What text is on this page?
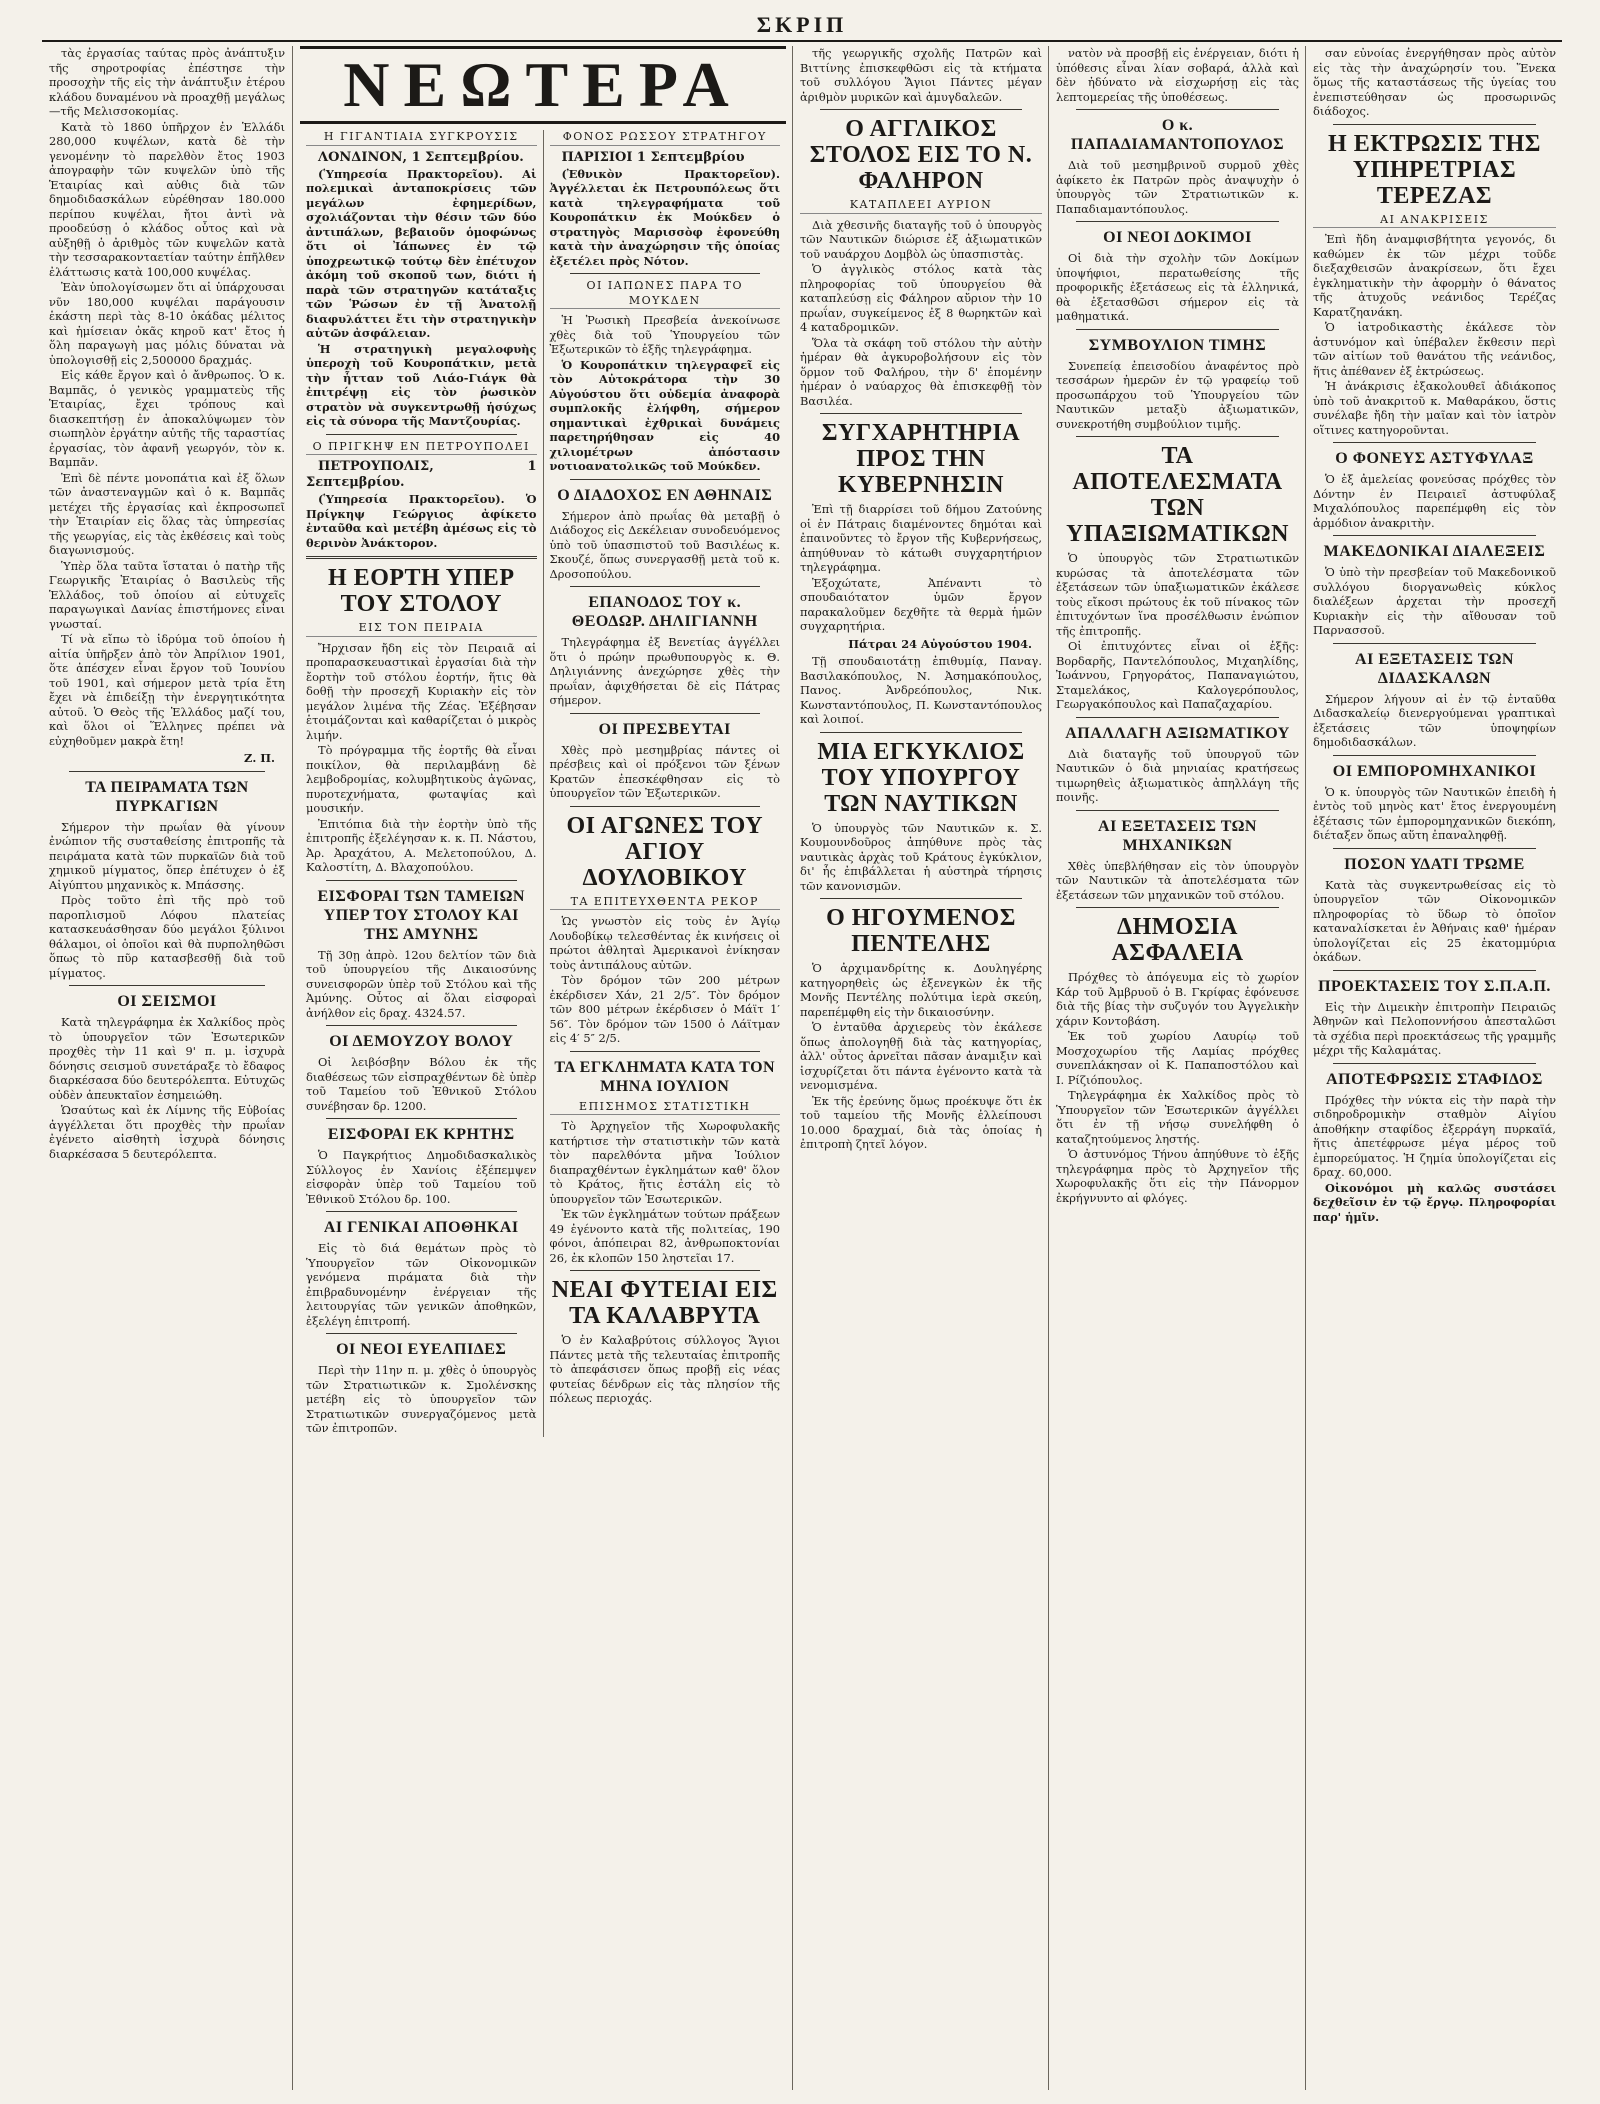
ΣΚΡΙΠ

τὰς ἐργασίας ταύτας πρὸς ἀνάπτυξιν τῆς σηροτροφίας ἐπέστησε τὴν προσοχὴν τῆς εἰς τὴν ἀνάπτυξιν ἑτέρου κλάδου δυναμένου νὰ προαχθῇ μεγάλως—τῆς Μελισσοκομίας.

Κατὰ τὸ 1860 ὑπῆρχον ἐν Ἑλλάδι 280,000 κυψέλων, κατὰ δὲ τὴν γενομένην τὸ παρελθὸν ἔτος 1903 ἀπογραφὴν τῶν κυψελῶν ὑπὸ τῆς Ἑταιρίας καὶ αὐθις διὰ τῶν δημοδιδασκάλων εὑρέθησαν 180.000 περίπου κυψέλαι, ἤτοι ἀντὶ νὰ προοδεύσῃ ὁ κλάδος οὗτος καὶ νὰ αὐξηθῇ ὁ ἀριθμὸς τῶν κυψελῶν κατὰ τὴν τεσσαρακονταετίαν ταύτην ἐπῆλθεν ἐλάττωσις κατὰ 100,000 κυψέλας.

Ἐὰν ὑπολογίσωμεν ὅτι αἱ ὑπάρχουσαι νῦν 180,000 κυψέλαι παράγουσιν ἑκάστη περὶ τὰς 8-10 ὀκάδας μέλιτος καὶ ἡμίσειαν ὀκᾶς κηροῦ κατ' ἔτος ἡ ὅλη παραγωγὴ μας μόλις δύναται νὰ ὑπολογισθῇ εἰς 2,500000 δραχμάς.

Εἰς κάθε ἔργον καὶ ὁ ἄνθρωπος. Ὁ κ. Βαμπᾶς, ὁ γενικὸς γραμματεὺς τῆς Ἑταιρίας, ἔχει τρόπους καὶ διασκεπτήσῃ ἐν ἀποκαλύψωμεν τὸν σιωπηλὸν ἐργάτην αὐτῆς τῆς ταραστίας ἐργασίας, τὸν ἀφανῆ γεωργόν, τὸν κ. Βαμπᾶν.

Ἐπὶ δὲ πέντε μονοπάτια καὶ ἐξ ὅλων τῶν ἀναστεναγμῶν καὶ ὁ κ. Βαμπᾶς μετέχει τῆς ἐργασίας καὶ ἐκπροσωπεῖ τὴν Ἑταιρίαν εἰς ὅλας τὰς ὑπηρεσίας τῆς γεωργίας, εἰς τὰς ἐκθέσεις καὶ τοὺς διαγωνισμούς.

Ὑπὲρ ὅλα ταῦτα ἵσταται ὁ πατὴρ τῆς Γεωργικῆς Ἑταιρίας ὁ Βασιλεὺς τῆς Ἑλλάδος, τοῦ ὁποίου αἱ εὐτυχεῖς παραγωγικαὶ Δανίας ἐπιστήμονες εἶναι γνωσταί.

Τί νὰ εἴπω τὸ ἰδρύμα τοῦ ὁποίου ἡ αἰτία ὑπῆρξεν ἀπὸ τὸν Ἀπρίλιον 1901, ὅτε ἀπέσχεν εἶναι ἔργον τοῦ Ἰουνίου τοῦ 1901, καὶ σήμερον μετὰ τρία ἔτη ἔχει νὰ ἐπιδείξῃ τὴν ἐνεργητικότητα αὐτοῦ. Ὁ Θεὸς τῆς Ἑλλάδος μαζί του, καὶ ὅλοι οἱ Ἕλληνες πρέπει νὰ εὐχηθοῦμεν μακρὰ ἔτη!

Ζ. Π.
ΤΑ ΠΕΙΡΑΜΑΤΑ ΤΩΝ ΠΥΡΚΑΓΙΩΝ

Σήμερον τὴν πρωΐαν θὰ γίνουν ἐνώπιον τῆς συσταθείσης ἐπιτροπῆς τὰ πειράματα κατὰ τῶν πυρκαϊῶν διὰ τοῦ χημικοῦ μίγματος, ὅπερ ἐπέτυχεν ὁ ἐξ Αἰγύπτου μηχανικὸς κ. Μπάσσης.

Πρὸς τοῦτο ἐπὶ τῆς πρὸ τοῦ παροπλισμοῦ Λόφου πλατείας κατασκευάσθησαν δύο μεγάλοι ξύλινοι θάλαμοι, οἱ ὁποῖοι καὶ θὰ πυρποληθῶσι ὅπως τὸ πῦρ κατασβεσθῇ διὰ τοῦ μίγματος.

ΟΙ ΣΕΙΣΜΟΙ

Κατὰ τηλεγράφημα ἐκ Χαλκίδος πρὸς τὸ ὑπουργεῖον τῶν Ἐσωτερικῶν προχθὲς τὴν 11 καὶ 9' π. μ. ἰσχυρὰ δόνησις σεισμοῦ συνετάραξε τὸ ἔδαφος διαρκέσασα δύο δευτερόλεπτα. Εὐτυχῶς οὐδὲν ἀπευκταῖον ἐσημειώθη.

Ὡσαύτως καὶ ἐκ Λίμνης τῆς Εὐβοίας ἀγγέλλεται ὅτι προχθὲς τὴν πρωΐαν ἐγένετο αἰσθητὴ ἰσχυρὰ δόνησις διαρκέσασα 5 δευτερόλεπτα.

ΝΕΩΤΕΡΑ
Η ΓΙΓΑΝΤΙΑΙΑ ΣΥΓΚΡΟΥΣΙΣ

ΛΟΝΔΙΝΟΝ, 1 Σεπτεμβρίου.

(Ὑπηρεσία Πρακτορεῖου). Αἱ πολεμικαὶ ἀνταποκρίσεις τῶν μεγάλων ἐφημερίδων, σχολιάζονται τὴν θέσιν τῶν δύο ἀντιπάλων, βεβαιοῦν ὁμοφώνως ὅτι οἱ Ἰάπωνες ἐν τῷ ὑποχρεωτικῷ τούτῳ δὲν ἐπέτυχον ἀκόμη τοῦ σκοποῦ των, διότι ἡ παρὰ τῶν στρατηγῶν κατάταξις τῶν Ῥώσων ἐν τῇ Ἀνατολῇ διαφυλάττει ἔτι τὴν στρατηγικὴν αὐτῶν ἀσφάλειαν.

Ἡ στρατηγικὴ μεγαλοφυὴς ὑπεροχὴ τοῦ Κουροπάτκιν, μετὰ τὴν ἧτταν τοῦ Λιάο-Γιάγκ θὰ ἐπιτρέψῃ εἰς τὸν ῥωσικὸν στρατὸν νὰ συγκεντρωθῇ ἡσύχως εἰς τὰ σύνορα τῆς Μαντζουρίας.

Ο ΠΡΙΓΚΗΨ ΕΝ ΠΕΤΡΟΥΠΟΛΕΙ

ΠΕΤΡΟΥΠΟΛΙΣ, 1 Σεπτεμβρίου.

(Ὑπηρεσία Πρακτορεῖου). Ὁ Πρίγκηψ Γεώργιος ἀφίκετο ἐνταῦθα καὶ μετέβη ἀμέσως εἰς τὸ θερινὸν Ἀνάκτορον.

Η ΕΟΡΤΗ ΥΠΕΡ ΤΟΥ ΣΤΟΛΟΥ
ΕΙΣ ΤΟΝ ΠΕΙΡΑΙΑ

Ἤρχισαν ἤδη εἰς τὸν Πειραιᾶ αἱ προπαρασκευαστικαὶ ἐργασίαι διὰ τὴν ἔορτὴν τοῦ στόλου ἑορτήν, ἥτις θὰ δοθῇ τὴν προσεχῆ Κυριακὴν εἰς τὸν μεγάλον λιμένα τῆς Ζέας. Ἐξέβησαν ἑτοιμάζονται καὶ καθαρίζεται ὁ μικρὸς λιμήν.

Τὸ πρόγραμμα τῆς ἑορτῆς θὰ εἶναι ποικίλον, θὰ περιλαμβάνῃ δὲ λεμβοδρομίας, κολυμβητικοὺς ἀγῶνας, πυροτεχνήματα, φωταψίας καὶ μουσικήν.

Ἐπιτόπια διὰ τὴν ἑορτὴν ὑπὸ τῆς ἐπιτροπῆς ἐξελέγησαν κ. κ. Π. Νάστου, Ἀρ. Ἀραχάτου, Α. Μελετοπούλου, Δ. Καλοστίτη, Δ. Βλαχοπούλου.

ΕΙΣΦΟΡΑΙ ΤΩΝ ΤΑΜΕΙΩΝ ΥΠΕΡ ΤΟΥ ΣΤΟΛΟΥ ΚΑΙ ΤΗΣ ΑΜΥΝΗΣ

Τῇ 30ῃ ἀπρὸ. 12ου δελτίον τῶν διὰ τοῦ ὑπουργείου τῆς Δικαιοσύνης συνεισφορῶν ὑπὲρ τοῦ Στόλου καὶ τῆς Ἀμύνης. Οὗτος αἱ ὅλαι εἰσφοραὶ ἀνήλθον εἰς δραχ. 4324.57.

ΟΙ ΔΕΜΟΥΖΟΥ ΒΟΛΟΥ

Οἱ λειβόσβην Βόλου ἐκ τῆς διαθέσεως τῶν εἰσπραχθέντων δὲ ὑπὲρ τοῦ Ταμείου τοῦ Ἐθνικοῦ Στόλου συνέβησαν δρ. 1200.

ΕΙΣΦΟΡΑΙ ΕΚ ΚΡΗΤΗΣ

Ὁ Παγκρήτιος Δημοδιδασκαλικὸς Σύλλογος ἐν Χανίοις ἐξέπεμψεν εἰσφορὰν ὑπὲρ τοῦ Ταμείου τοῦ Ἐθνικοῦ Στόλου δρ. 100.

ΑΙ ΓΕΝΙΚΑΙ ΑΠΟΘΗΚΑΙ

Εἰς τὸ διά θεμάτων πρὸς τὸ Ὑπουργεῖον τῶν Οἰκονομικῶν γενόμενα πιράματα διὰ τὴν ἐπιβραδυνομένην ἐνέργειαν τῆς λειτουργίας τῶν γενικῶν ἀποθηκῶν, ἐξελέγη ἐπιτροπή.

ΟΙ ΝΕΟΙ ΕΥΕΛΠΙΔΕΣ

Περὶ τὴν 11ην π. μ. χθὲς ὁ ὑπουργὸς τῶν Στρατιωτικῶν κ. Σμολένσκης μετέβη εἰς τὸ ὑπουργεῖον τῶν Στρατιωτικῶν συνεργαζόμενος μετὰ τῶν ἐπιτροπῶν.

ΦΟΝΟΣ ΡΩΣΣΟΥ ΣΤΡΑΤΗΓΟΥ

ΠΑΡΙΣΙΟΙ 1 Σεπτεμβρίου

(Ἐθνικὸν Πρακτορεῖον). Ἀγγέλλεται ἐκ Πετρουπόλεως ὅτι κατὰ τηλεγραφήματα τοῦ Κουροπάτκιν ἐκ Μούκδεν ὁ στρατηγὸς Μαρισσὸφ ἐφονεύθη κατὰ τὴν ἀναχώρησιν τῆς ὁποίας ἐξετέλει πρὸς Νότον.

ΟΙ ΙΑΠΩΝΕΣ ΠΑΡΑ ΤΟ ΜΟΥΚΔΕΝ

Ἡ Ῥωσικὴ Πρεσβεία ἀνεκοίνωσε χθὲς διὰ τοῦ Ὑπουργείου τῶν Ἐξωτερικῶν τὸ ἑξῆς τηλεγράφημα.

Ὁ Κουροπάτκιν τηλεγραφεῖ εἰς τὸν Αὐτοκράτορα τὴν 30 Αὐγούστου ὅτι οὐδεμία ἀναφορὰ συμπλοκῆς ἐλήφθη, σήμερον σημαντικαὶ ἐχθρικαὶ δυνάμεις παρετηρήθησαν εἰς 40 χιλιομέτρων ἀπόστασιν νοτιοανατολικῶς τοῦ Μούκδεν.

Ο ΔΙΑΔΟΧΟΣ ΕΝ ΑΘΗΝΑΙΣ

Σήμερον ἀπὸ πρωΐας θὰ μεταβῇ ὁ Διάδοχος εἰς Δεκέλειαν συνοδευόμενος ὑπὸ τοῦ ὑπασπιστοῦ τοῦ Βασιλέως κ. Σκουζέ, ὅπως συνεργασθῇ μετὰ τοῦ κ. Δροσοπούλου.

ΕΠΑΝΟΔΟΣ ΤΟΥ κ. ΘΕΟΔΩΡ. ΔΗΛΙΓΙΑΝΝΗ

Τηλεγράφημα ἐξ Βενετίας ἀγγέλλει ὅτι ὁ πρώην πρωθυπουργὸς κ. Θ. Δηλιγιάννης ἀνεχώρησε χθὲς τὴν πρωΐαν, ἀφιχθήσεται δὲ εἰς Πάτρας σήμερον.

ΟΙ ΠΡΕΣΒΕΥΤΑΙ

Χθὲς πρὸ μεσημβρίας πάντες οἱ πρέσβεις καὶ οἱ πρόξενοι τῶν ξένων Κρατῶν ἐπεσκέφθησαν εἰς τὸ ὑπουργεῖον τῶν Ἐξωτερικῶν.

ΟΙ ΑΓΩΝΕΣ ΤΟΥ ΑΓΙΟΥ ΔΟΥΛΟΒΙΚΟΥ
ΤΑ ΕΠΙΤΕΥΧΘΕΝΤΑ ΡΕΚΟΡ

Ὡς γνωστὸν εἰς τοὺς ἐν Ἁγίῳ Λουδοβίκῳ τελεσθέντας ἐκ κινήσεις οἱ πρώτοι ἀθληταὶ Ἀμερικανοὶ ἐνίκησαν τοὺς ἀντιπάλους αὐτῶν.

Τὸν δρόμον τῶν 200 μέτρων ἐκέρδισεν Χάν, 21 2/5″. Τὸν δρόμον τῶν 800 μέτρων ἐκέρδισεν ὁ Μάϊτ 1′ 56″. Τὸν δρόμον τῶν 1500 ὁ Λάϊτμαν εἰς 4′ 5″ 2/5.

ΤΑ ΕΓΚΛΗΜΑΤΑ ΚΑΤΑ ΤΟΝ ΜΗΝΑ ΙΟΥΛΙΟΝ
ΕΠΙΣΗΜΟΣ ΣΤΑΤΙΣΤΙΚΗ

Τὸ Ἀρχηγεῖον τῆς Χωροφυλακῆς κατήρτισε τὴν στατιστικὴν τῶν κατὰ τὸν παρελθόντα μῆνα Ἰούλιον διαπραχθέντων ἐγκλημάτων καθ' ὅλον τὸ Κράτος, ἥτις ἐστάλη εἰς τὸ ὑπουργεῖον τῶν Ἐσωτερικῶν.

Ἐκ τῶν ἐγκλημάτων τούτων πράξεων 49 ἐγένοντο κατὰ τῆς πολιτείας, 190 φόνοι, ἀπόπειραι 82, ἀνθρωποκτονίαι 26, ἐκ κλοπῶν 150 ληστεῖαι 17.

ΝΕΑΙ ΦΥΤΕΙΑΙ ΕΙΣ ΤΑ ΚΑΛΑΒΡΥΤΑ

Ὁ ἐν Καλαβρύτοις σύλλογος Ἅγιοι Πάντες μετὰ τῆς τελευταίας ἐπιτροπῆς τὸ ἀπεφάσισεν ὅπως προβῇ εἰς νέας φυτείας δένδρων εἰς τὰς πλησίον τῆς πόλεως περιοχάς.

τῆς γεωργικῆς σχολῆς Πατρῶν καὶ Βιττίνης ἐπισκεφθῶσι εἰς τὰ κτήματα τοῦ συλλόγου Ἅγιοι Πάντες μέγαν ἀριθμὸν μυρικῶν καὶ ἀμυγδαλεῶν.

Ο ΑΓΓΛΙΚΟΣ ΣΤΟΛΟΣ ΕΙΣ ΤΟ Ν. ΦΑΛΗΡΟΝ
ΚΑΤΑΠΛΕΕΙ ΑΥΡΙΟΝ

Διὰ χθεσινῆς διαταγῆς τοῦ ὁ ὑπουργὸς τῶν Ναυτικῶν διώρισε ἐξ ἀξιωματικῶν τοῦ ναυάρχου Δομβὸλ ὡς ὑπασπιστὰς.

Ὁ ἀγγλικὸς στόλος κατὰ τὰς πληροφορίας τοῦ ὑπουργείου θὰ καταπλεύσῃ εἰς Φάληρον αὔριον τὴν 10 πρωΐαν, συγκείμενος ἐξ 8 θωρηκτῶν καὶ 4 καταδρομικῶν.

Ὅλα τὰ σκάφη τοῦ στόλου τὴν αὐτὴν ἡμέραν θὰ ἀγκυροβολήσουν εἰς τὸν ὅρμον τοῦ Φαλήρου, τὴν δ' ἑπομένην ἡμέραν ὁ ναύαρχος θὰ ἐπισκεφθῇ τὸν Βασιλέα.

ΣΥΓΧΑΡΗΤΗΡΙΑ ΠΡΟΣ ΤΗΝ ΚΥΒΕΡΝΗΣΙΝ

Ἐπὶ τῇ διαρρίσει τοῦ δήμου Ζατούνης οἱ ἐν Πάτραις διαμένοντες δημόται καὶ ἐπαινοῦντες τὸ ἔργον τῆς Κυβερνήσεως, ἀπηύθυναν τὸ κάτωθι συγχαρητήριον τηλεγράφημα.

Ἐξοχώτατε, Ἀπέναντι τὸ σπουδαιότατον ὑμῶν ἔργον παρακαλοῦμεν δεχθῆτε τὰ θερμὰ ἡμῶν συγχαρητήρια.

Πάτραι 24 Αὐγούστου 1904.

Τῇ σπουδαιοτάτῃ ἐπιθυμίᾳ, Παναγ. Βασιλακόπουλος, Ν. Ἀσημακόπουλος, Πανος. Ἀνδρεόπουλος, Νικ. Κωνσταντόπουλος, Π. Κωνσταντόπουλος καὶ λοιποί.

ΜΙΑ ΕΓΚΥΚΛΙΟΣ ΤΟΥ ΥΠΟΥΡΓΟΥ ΤΩΝ ΝΑΥΤΙΚΩΝ

Ὁ ὑπουργὸς τῶν Ναυτικῶν κ. Σ. Κουμουνδοῦρος ἀπηύθυνε πρὸς τὰς ναυτικὰς ἀρχὰς τοῦ Κράτους ἐγκύκλιον, δι' ἧς ἐπιβάλλεται ἡ αὐστηρὰ τήρησις τῶν κανονισμῶν.

Ο ΗΓΟΥΜΕΝΟΣ ΠΕΝΤΕΛΗΣ

Ὁ ἀρχιμανδρίτης κ. Δουληγέρης κατηγορηθεὶς ὡς ἐξενεγκὼν ἐκ τῆς Μονῆς Πεντέλης πολύτιμα ἱερὰ σκεύη, παρεπέμφθη εἰς τὴν δικαιοσύνην.

Ὁ ἐνταῦθα ἀρχιερεὺς τὸν ἐκάλεσε ὅπως ἀπολογηθῇ διὰ τὰς κατηγορίας, ἀλλ' οὗτος ἀρνεῖται πᾶσαν ἀναμιξιν καὶ ἰσχυρίζεται ὅτι πάντα ἐγένοντο κατὰ τὰ νενομισμένα.

Ἐκ τῆς ἐρεύνης ὅμως προέκυψε ὅτι ἐκ τοῦ ταμείου τῆς Μονῆς ἐλλείπουσι 10.000 δραχμαί, διὰ τὰς ὁποίας ἡ ἐπιτροπὴ ζητεῖ λόγον.

νατὸν νὰ προσβῇ εἰς ἐνέργειαν, διότι ἡ ὑπόθεσις εἶναι λίαν σοβαρά, ἀλλὰ καὶ δὲν ἠδύνατο νὰ εἰσχωρήσῃ εἰς τὰς λεπτομερείας τῆς ὑποθέσεως.

Ο κ. ΠΑΠΑΔΙΑΜΑΝΤΟΠΟΥΛΟΣ

Διὰ τοῦ μεσημβρινοῦ συρμοῦ χθὲς ἀφίκετο ἐκ Πατρῶν πρὸς ἀναψυχὴν ὁ ὑπουργὸς τῶν Στρατιωτικῶν κ. Παπαδιαμαντόπουλος.

ΟΙ ΝΕΟΙ ΔΟΚΙΜΟΙ

Οἱ διὰ τὴν σχολὴν τῶν Δοκίμων ὑποψήφιοι, περατωθείσης τῆς προφορικῆς ἐξετάσεως εἰς τὰ ἑλληνικά, θὰ ἐξετασθῶσι σήμερον εἰς τὰ μαθηματικά.

ΣΥΜΒΟΥΛΙΟΝ ΤΙΜΗΣ

Συνεπείᾳ ἐπεισοδίου ἀναφέντος πρὸ τεσσάρων ἡμερῶν ἐν τῷ γραφείῳ τοῦ προσωπάρχου τοῦ Ὑπουργείου τῶν Ναυτικῶν μεταξὺ ἀξιωματικῶν, συνεκροτήθη συμβούλιον τιμῆς.

ΤΑ ΑΠΟΤΕΛΕΣΜΑΤΑ ΤΩΝ ΥΠΑΞΙΩΜΑΤΙΚΩΝ

Ὁ ὑπουργὸς τῶν Στρατιωτικῶν κυρώσας τὰ ἀποτελέσματα τῶν ἐξετάσεων τῶν ὑπαξιωματικῶν ἐκάλεσε τοὺς εἴκοσι πρώτους ἐκ τοῦ πίνακος τῶν ἐπιτυχόντων ἵνα προσέλθωσιν ἐνώπιον τῆς ἐπιτροπῆς.

Οἱ ἐπιτυχόντες εἶναι οἱ ἑξῆς: Βορδαρῆς, Παντελόπουλος, Μιχαηλίδης, Ἰωάννου, Γρηγοράτος, Παπαναγιώτου, Σταμελάκος, Καλογερόπουλος, Γεωργακόπουλος καὶ Παπαζαχαρίου.

ΑΠΑΛΛΑΓΗ ΑΞΙΩΜΑΤΙΚΟΥ

Διὰ διαταγῆς τοῦ ὑπουργοῦ τῶν Ναυτικῶν ὁ διὰ μηνιαίας κρατήσεως τιμωρηθεὶς ἀξιωματικὸς ἀπηλλάγη τῆς ποινῆς.

ΑΙ ΕΞΕΤΑΣΕΙΣ ΤΩΝ ΜΗΧΑΝΙΚΩΝ

Χθὲς ὑπεβλήθησαν εἰς τὸν ὑπουργὸν τῶν Ναυτικῶν τὰ ἀποτελέσματα τῶν ἐξετάσεων τῶν μηχανικῶν τοῦ στόλου.

ΔΗΜΟΣΙΑ ΑΣΦΑΛΕΙΑ

Πρόχθες τὸ ἀπόγευμα εἰς τὸ χωρίον Κάρ τοῦ Ἀμβρυοῦ ὁ Β. Γκρίφας ἐφόνευσε διὰ τῆς βίας τὴν συζυγόν του Ἀγγελικὴν χάριν Κοντοβάση.

Ἐκ τοῦ χωρίου Λαυρίῳ τοῦ Μοσχοχωρίου τῆς Λαμίας πρόχθες συνεπλάκησαν οἱ Κ. Παπαποστόλου καὶ Ι. Ρίζιόπουλος.

Τηλεγράφημα ἐκ Χαλκίδος πρὸς τὸ Ὑπουργεῖον τῶν Ἐσωτερικῶν ἀγγέλλει ὅτι ἐν τῇ νήσῳ συνελήφθη ὁ καταζητούμενος ληστής.

Ὁ ἀστυνόμος Τήνου ἀπηύθυνε τὸ ἑξῆς τηλεγράφημα πρὸς τὸ Ἀρχηγεῖον τῆς Χωροφυλακῆς ὅτι εἰς τὴν Πάνορμον ἐκρήγνυντο αἱ φλόγες.

σαν εὐνοίας ἐνεργήθησαν πρὸς αὐτὸν εἰς τὰς τὴν ἀναχώρησίν του. Ἕνεκα ὅμως τῆς καταστάσεως τῆς ὑγείας του ἐνεπιστεύθησαν ὡς προσωρινῶς διάδοχος.

Η ΕΚΤΡΩΣΙΣ ΤΗΣ ΥΠΗΡΕΤΡΙΑΣ ΤΕΡΕΖΑΣ
ΑΙ ΑΝΑΚΡΙΣΕΙΣ

Ἐπὶ ἤδη ἀναμφισβήτητα γεγονός, δι καθώμεν ἐκ τῶν μέχρι τοῦδε διεξαχθεισῶν ἀνακρίσεων, ὅτι ἔχει ἐγκληματικὴν τὴν ἀφορμὴν ὁ θάνατος τῆς ἀτυχοῦς νεάνιδος Τερέζας Καρατζηανάκη.

Ὁ ἰατροδικαστὴς ἐκάλεσε τὸν ἀστυνόμον καὶ ὑπέβαλεν ἔκθεσιν περὶ τῶν αἰτίων τοῦ θανάτου τῆς νεάνιδος, ἥτις ἀπέθανεν ἐξ ἐκτρώσεως.

Ἡ ἀνάκρισις ἐξακολουθεῖ ἀδιάκοπος ὑπὸ τοῦ ἀνακριτοῦ κ. Μαθαράκου, ὅστις συνέλαβε ἤδη τὴν μαῖαν καὶ τὸν ἰατρὸν οἵτινες κατηγοροῦνται.

Ο ΦΟΝΕΥΣ ΑΣΤΥΦΥΛΑΞ

Ὁ ἐξ ἀμελείας φονεύσας πρόχθες τὸν Δόντην ἐν Πειραιεῖ ἀστυφύλαξ Μιχαλόπουλος παρεπέμφθη εἰς τὸν ἀρμόδιον ἀνακριτὴν.

ΜΑΚΕΔΟΝΙΚΑΙ ΔΙΑΛΕΞΕΙΣ

Ὁ ὑπὸ τὴν πρεσβείαν τοῦ Μακεδονικοῦ συλλόγου διοργανωθεὶς κύκλος διαλέξεων ἀρχεται τὴν προσεχῆ Κυριακὴν εἰς τὴν αἴθουσαν τοῦ Παρνασσοῦ.

ΑΙ ΕΞΕΤΑΣΕΙΣ ΤΩΝ ΔΙΔΑΣΚΑΛΩΝ

Σήμερον λήγουν αἱ ἐν τῷ ἐνταῦθα Διδασκαλείῳ διενεργούμεναι γραπτικαὶ ἐξετάσεις τῶν ὑποψηφίων δημοδιδασκάλων.

ΟΙ ΕΜΠΟΡΟΜΗΧΑΝΙΚΟΙ

Ὁ κ. ὑπουργὸς τῶν Ναυτικῶν ἐπειδὴ ἡ ἐντὸς τοῦ μηνὸς κατ' ἔτος ἐνεργουμένη ἐξέτασις τῶν ἐμπορομηχανικῶν διεκόπη, διέταξεν ὅπως αὕτη ἐπαναληφθῇ.

ΠΟΣΟΝ ΥΔΑΤΙ ΤΡΩΜΕ

Κατὰ τὰς συγκεντρωθείσας εἰς τὸ ὑπουργεῖον τῶν Οἰκονομικῶν πληροφορίας τὸ ὕδωρ τὸ ὁποῖον καταναλίσκεται ἐν Ἀθήναις καθ' ἡμέραν ὑπολογίζεται εἰς 25 ἑκατομμύρια ὀκάδων.

ΠΡΟΕΚΤΑΣΕΙΣ ΤΟΥ Σ.Π.Α.Π.

Εἰς τὴν Διμεικὴν ἐπιτροπὴν Πειραιῶς Ἀθηνῶν καὶ Πελοποννήσου ἀπεσταλῶσι τὰ σχέδια περὶ προεκτάσεως τῆς γραμμῆς μέχρι τῆς Καλαμάτας.

ΑΠΟΤΕΦΡΩΣΙΣ ΣΤΑΦΙΔΟΣ

Πρόχθες τὴν νύκτα εἰς τὴν παρὰ τὴν σιδηροδρομικὴν σταθμὸν Αἰγίου ἀποθήκην σταφίδος ἐξερράγη πυρκαϊά, ἥτις ἀπετέφρωσε μέγα μέρος τοῦ ἐμπορεύματος. Ἡ ζημία ὑπολογίζεται εἰς δραχ. 60,000.

Οἰκονόμοι μὴ καλῶς συστάσει δεχθεῖσιν ἐν τῷ ἔργῳ. Πληροφορίαι παρ' ἡμῖν.
